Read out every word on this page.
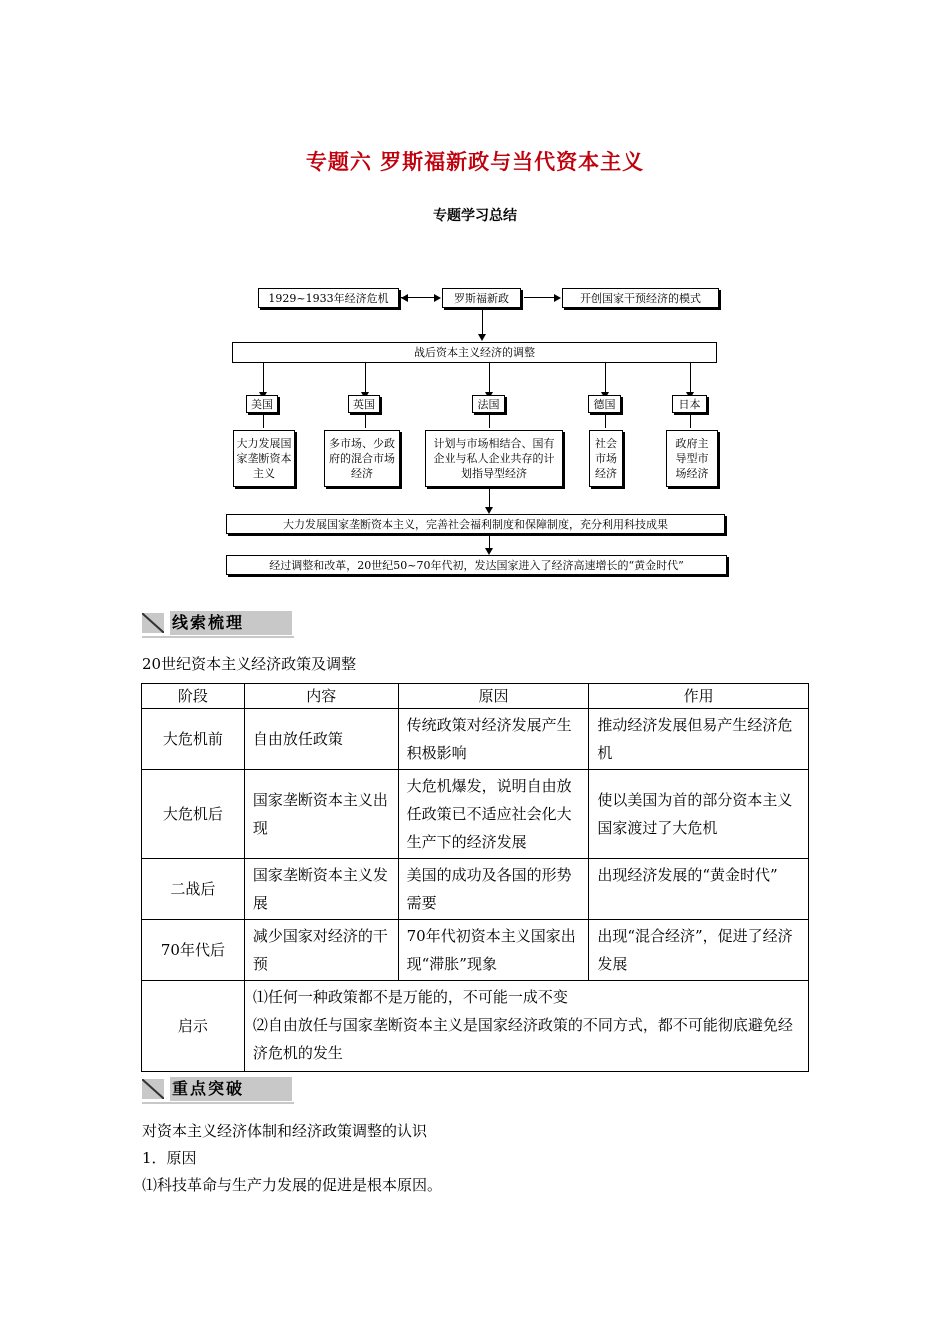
专题六 罗斯福新政与当代资本主义
专题学习总结
1929~1933年经济危机	罗斯福新政	开创国家干预经济的模式
战后资本主义经济的调整
美国	英国	法国	德国	日本
大力发展国家垄断资本主义
多市场、少政府的混合市场经济
计划与市场相结合、国有企业与私人企业共存的计划指导型经济
社会市场经济
政府主导型市场经济
大力发展国家垄断资本主义，完善社会福利制度和保障制度，充分利用科技成果
经过调整和改革，20世纪50~70年代初，发达国家进入了经济高速增长的“黄金时代”
线索梳理
20世纪资本主义经济政策及调整
阶段	内容	原因	作用
大危机前	自由放任政策	传统政策对经济发展产生积极影响	推动经济发展但易产生经济危机
大危机后	国家垄断资本主义出现	大危机爆发，说明自由放任政策已不适应社会化大生产下的经济发展	使以美国为首的部分资本主义国家渡过了大危机
二战后	国家垄断资本主义发展	美国的成功及各国的形势需要	出现经济发展的“黄金时代”
70年代后	减少国家对经济的干预	70年代初资本主义国家出现“滞胀”现象	出现“混合经济”，促进了经济发展
启示	⑴任何一种政策都不是万能的，不可能一成不变
⑵自由放任与国家垄断资本主义是国家经济政策的不同方式，都不可能彻底避免经济危机的发生		
重点突破
对资本主义经济体制和经济政策调整的认识
1．原因
⑴科技革命与生产力发展的促进是根本原因。
